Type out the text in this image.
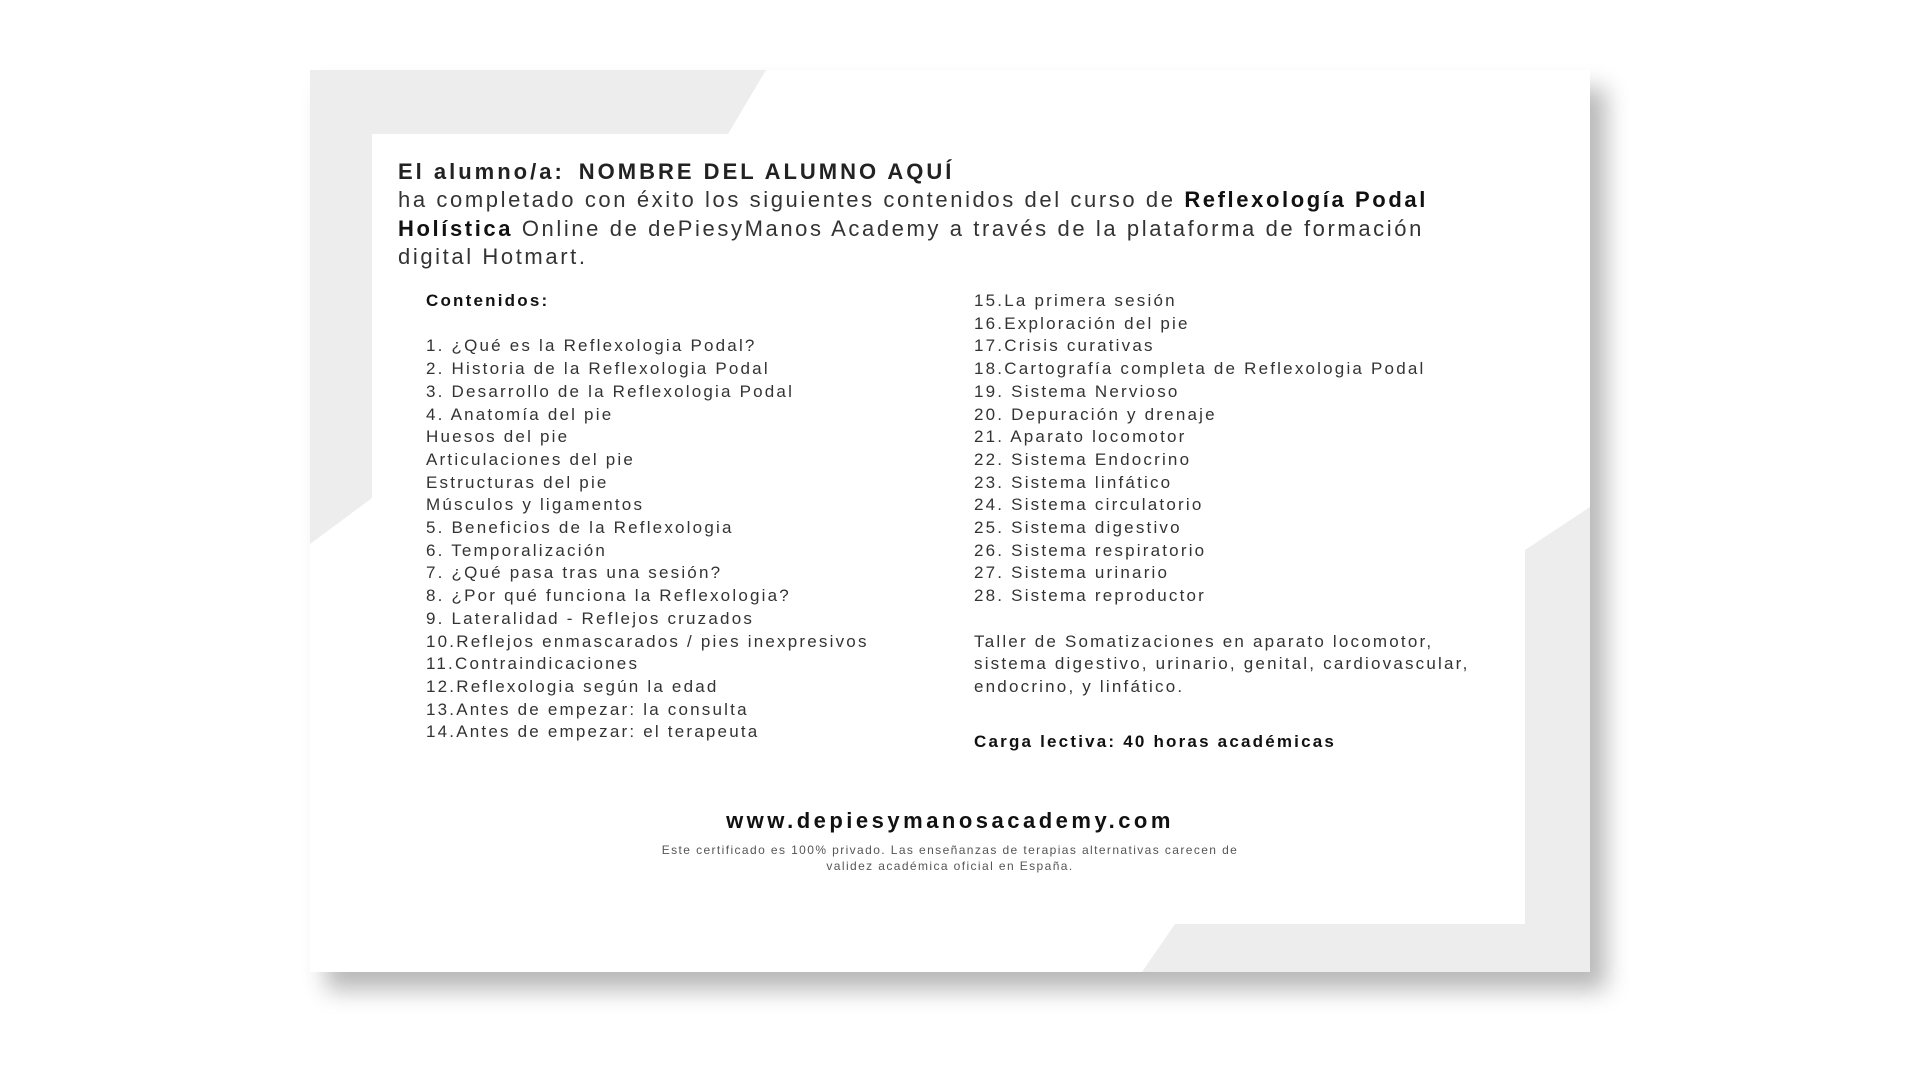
El alumno/a: NOMBRE DEL ALUMNO AQUÍ

ha completado con éxito los siguientes contenidos del curso de Reflexología Podal Holística Online de dePiesyManos Academy a través de la plataforma de formación digital Hotmart.

Contenidos:
1. ¿Qué es la Reflexologia Podal?
2. Historia de la Reflexologia Podal
3. Desarrollo de la Reflexologia Podal
4. Anatomía del pie
Huesos del pie
Articulaciones del pie
Estructuras del pie
Músculos y ligamentos
5. Beneficios de la Reflexologia
6. Temporalización
7. ¿Qué pasa tras una sesión?
8. ¿Por qué funciona la Reflexologia?
9. Lateralidad - Reflejos cruzados
10.Reflejos enmascarados / pies inexpresivos
11.Contraindicaciones
12.Reflexologia según la edad
13.Antes de empezar: la consulta
14.Antes de empezar: el terapeuta
15.La primera sesión
16.Exploración del pie
17.Crisis curativas
18.Cartografía completa de Reflexologia Podal
19. Sistema Nervioso
20. Depuración y drenaje
21. Aparato locomotor
22. Sistema Endocrino
23. Sistema linfático
24. Sistema circulatorio
25. Sistema digestivo
26. Sistema respiratorio
27. Sistema urinario
28. Sistema reproductor
Taller de Somatizaciones en aparato locomotor, sistema digestivo, urinario, genital, cardiovascular, endocrino, y linfático.
Carga lectiva: 40 horas académicas

www.depiesymanosacademy.com

Este certificado es 100% privado. Las enseñanzas de terapias alternativas carecen de validez académica oficial en España.
